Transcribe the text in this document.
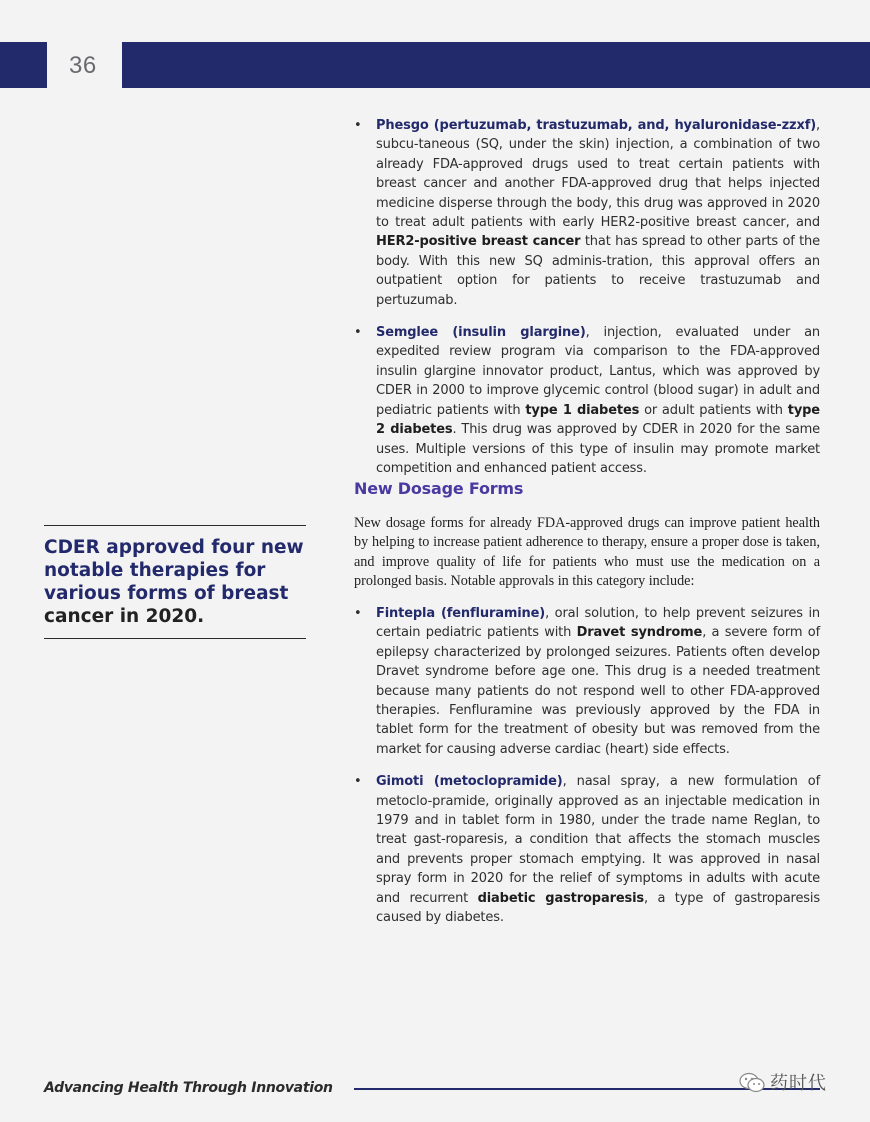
36
• Phesgo (pertuzumab, trastuzumab, and, hyaluronidase-zzxf), subcu-taneous (SQ, under the skin) injection, a combination of two already FDA-approved drugs used to treat certain patients with breast cancer and another FDA-approved drug that helps injected medicine disperse through the body, this drug was approved in 2020 to treat adult patients with early HER2-positive breast cancer, and HER2-positive breast cancer that has spread to other parts of the body. With this new SQ adminis-tration, this approval offers an outpatient option for patients to receive trastuzumab and pertuzumab.
• Semglee (insulin glargine), injection, evaluated under an expedited review program via comparison to the FDA-approved insulin glargine innovator product, Lantus, which was approved by CDER in 2000 to improve glycemic control (blood sugar) in adult and pediatric patients with type 1 diabetes or adult patients with type 2 diabetes. This drug was approved by CDER in 2020 for the same uses. Multiple versions of this type of insulin may promote market competition and enhanced patient access.
New Dosage Forms

New dosage forms for already FDA-approved drugs can improve patient health by helping to increase patient adherence to therapy, ensure a proper dose is taken, and improve quality of life for patients who must use the medication on a prolonged basis. Notable approvals in this category include:

• Fintepla (fenfluramine), oral solution, to help prevent seizures in certain pediatric patients with Dravet syndrome, a severe form of epilepsy characterized by prolonged seizures. Patients often develop Dravet syndrome before age one. This drug is a needed treatment because many patients do not respond well to other FDA-approved therapies. Fenfluramine was previously approved by the FDA in tablet form for the treatment of obesity but was removed from the market for causing adverse cardiac (heart) side effects.
• Gimoti (metoclopramide), nasal spray, a new formulation of metoclo-pramide, originally approved as an injectable medication in 1979 and in tablet form in 1980, under the trade name Reglan, to treat gast-roparesis, a condition that affects the stomach muscles and prevents proper stomach emptying. It was approved in nasal spray form in 2020 for the relief of symptoms in adults with acute and recurrent diabetic gastroparesis, a type of gastroparesis caused by diabetes.
CDER approved four new notable therapies for various forms of breast cancer in 2020.
Advancing Health Through Innovation	药时代
